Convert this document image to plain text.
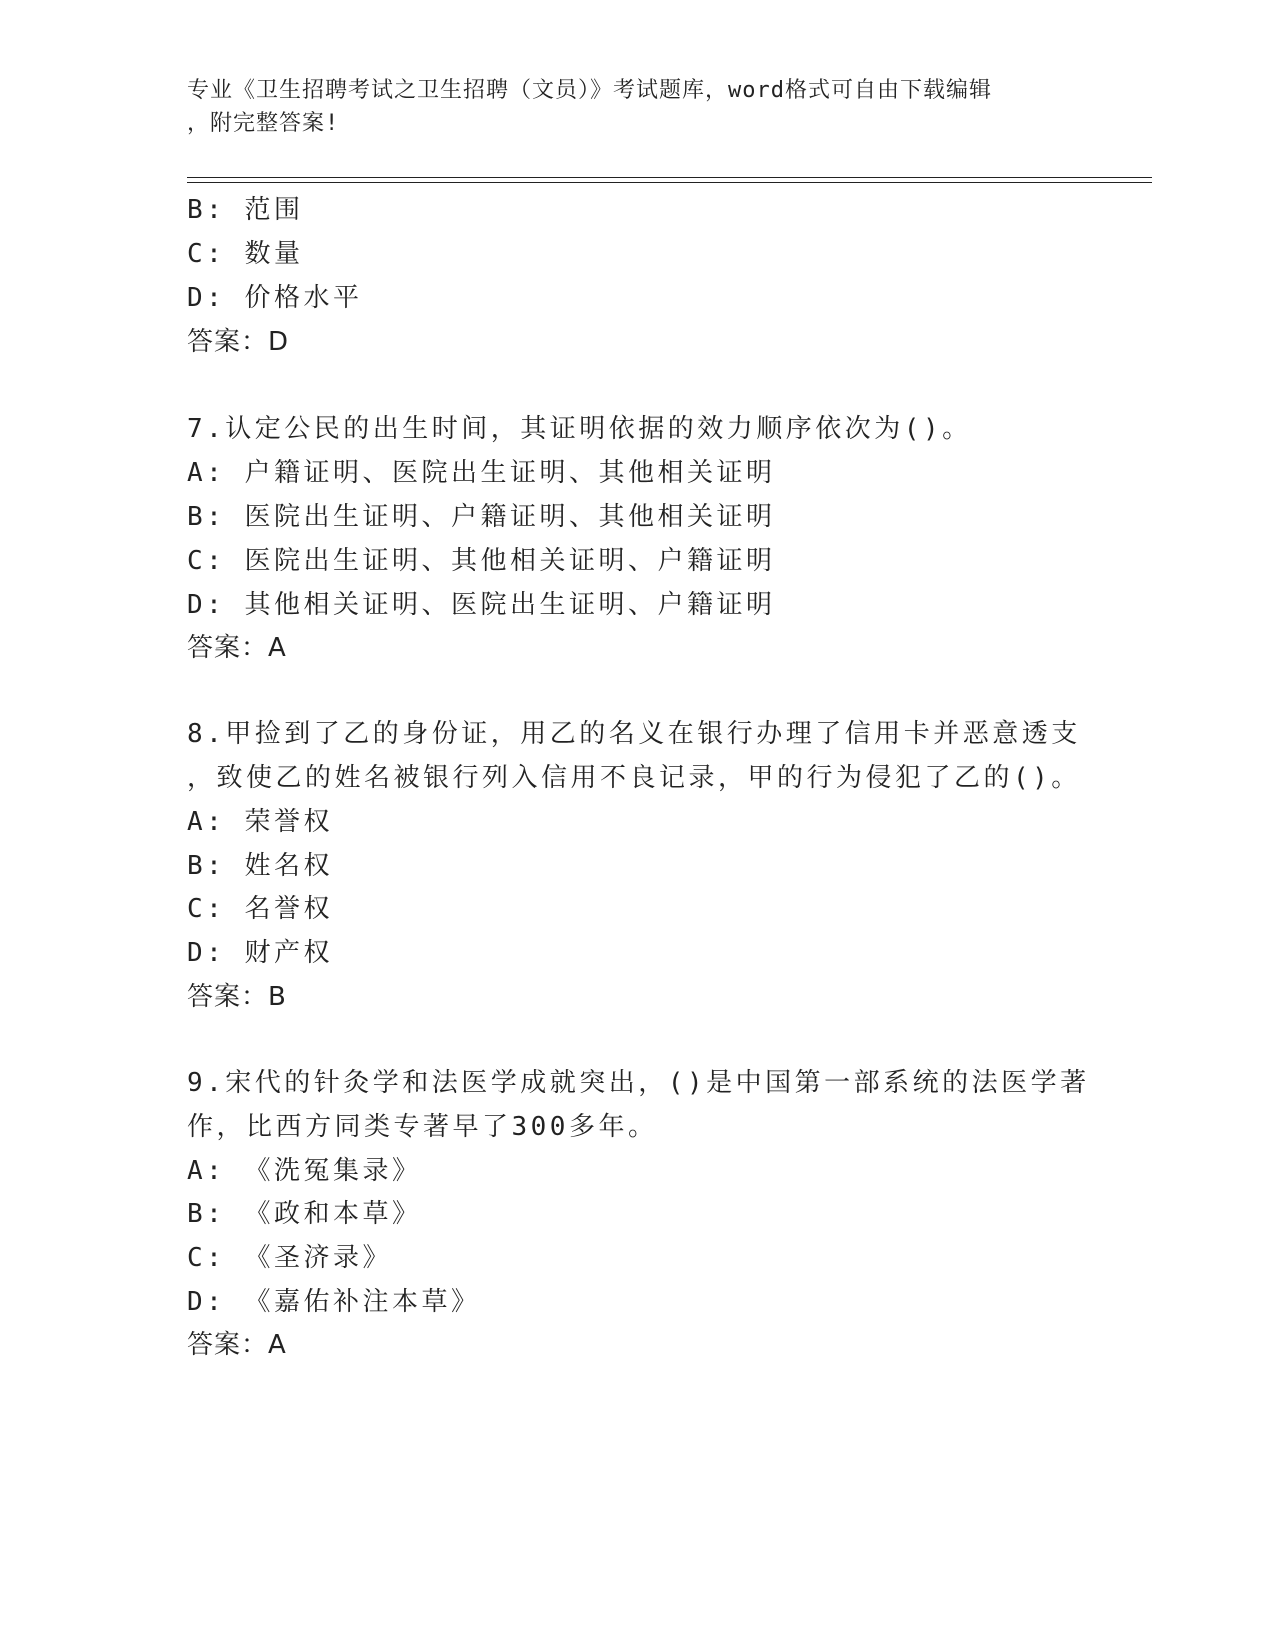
专业《卫生招聘考试之卫生招聘（文员）》考试题库，word格式可自由下载编辑
，附完整答案!
B: 范围
C: 数量
D: 价格水平
答案：D
7.认定公民的出生时间，其证明依据的效力顺序依次为()。
A: 户籍证明、医院出生证明、其他相关证明
B: 医院出生证明、户籍证明、其他相关证明
C: 医院出生证明、其他相关证明、户籍证明
D: 其他相关证明、医院出生证明、户籍证明
答案：A
8.甲捡到了乙的身份证，用乙的名义在银行办理了信用卡并恶意透支
，致使乙的姓名被银行列入信用不良记录，甲的行为侵犯了乙的()。
A: 荣誉权
B: 姓名权
C: 名誉权
D: 财产权
答案：B
9.宋代的针灸学和法医学成就突出，()是中国第一部系统的法医学著
作，比西方同类专著早了300多年。
A: 《洗冤集录》
B: 《政和本草》
C: 《圣济录》
D: 《嘉佑补注本草》
答案：A
